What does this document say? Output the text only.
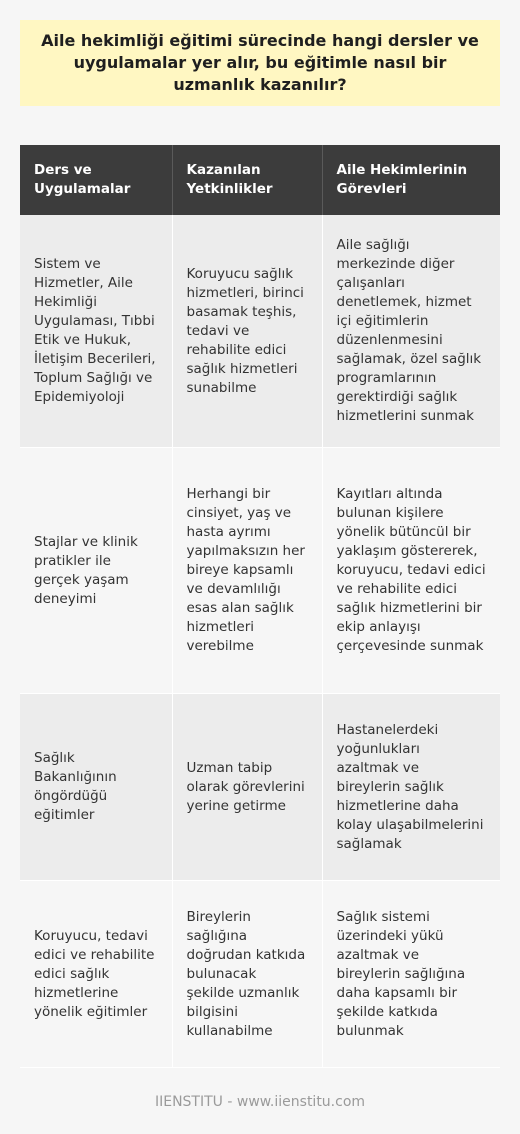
Aile hekimliği eğitimi sürecinde hangi dersler ve uygulamalar yer alır, bu eğitimle nasıl bir uzmanlık kazanılır?
Ders ve Uygulamalar	Kazanılan Yetkinlikler	Aile Hekimlerinin Görevleri
Sistem ve Hizmetler, Aile Hekimliği Uygulaması, Tıbbi Etik ve Hukuk, İletişim Becerileri, Toplum Sağlığı ve Epidemiyoloji	Koruyucu sağlık hizmetleri, birinci basamak teşhis, tedavi ve rehabilite edici sağlık hizmetleri sunabilme	Aile sağlığı merkezinde diğer çalışanları denetlemek, hizmet içi eğitimlerin düzenlenmesini sağlamak, özel sağlık programlarının gerektirdiği sağlık hizmetlerini sunmak
Stajlar ve klinik pratikler ile gerçek yaşam deneyimi	Herhangi bir cinsiyet, yaş ve hasta ayrımı yapılmaksızın her bireye kapsamlı ve devamlılığı esas alan sağlık hizmetleri verebilme	Kayıtları altında bulunan kişilere yönelik bütüncül bir yaklaşım göstererek, koruyucu, tedavi edici ve rehabilite edici sağlık hizmetlerini bir ekip anlayışı çerçevesinde sunmak
Sağlık Bakanlığının öngördüğü eğitimler	Uzman tabip olarak görevlerini yerine getirme	Hastanelerdeki yoğunlukları azaltmak ve bireylerin sağlık hizmetlerine daha kolay ulaşabilmelerini sağlamak
Koruyucu, tedavi edici ve rehabilite edici sağlık hizmetlerine yönelik eğitimler	Bireylerin sağlığına doğrudan katkıda bulunacak şekilde uzmanlık bilgisini kullanabilme	Sağlık sistemi üzerindeki yükü azaltmak ve bireylerin sağlığına daha kapsamlı bir şekilde katkıda bulunmak
IIENSTITU - www.iienstitu.com
